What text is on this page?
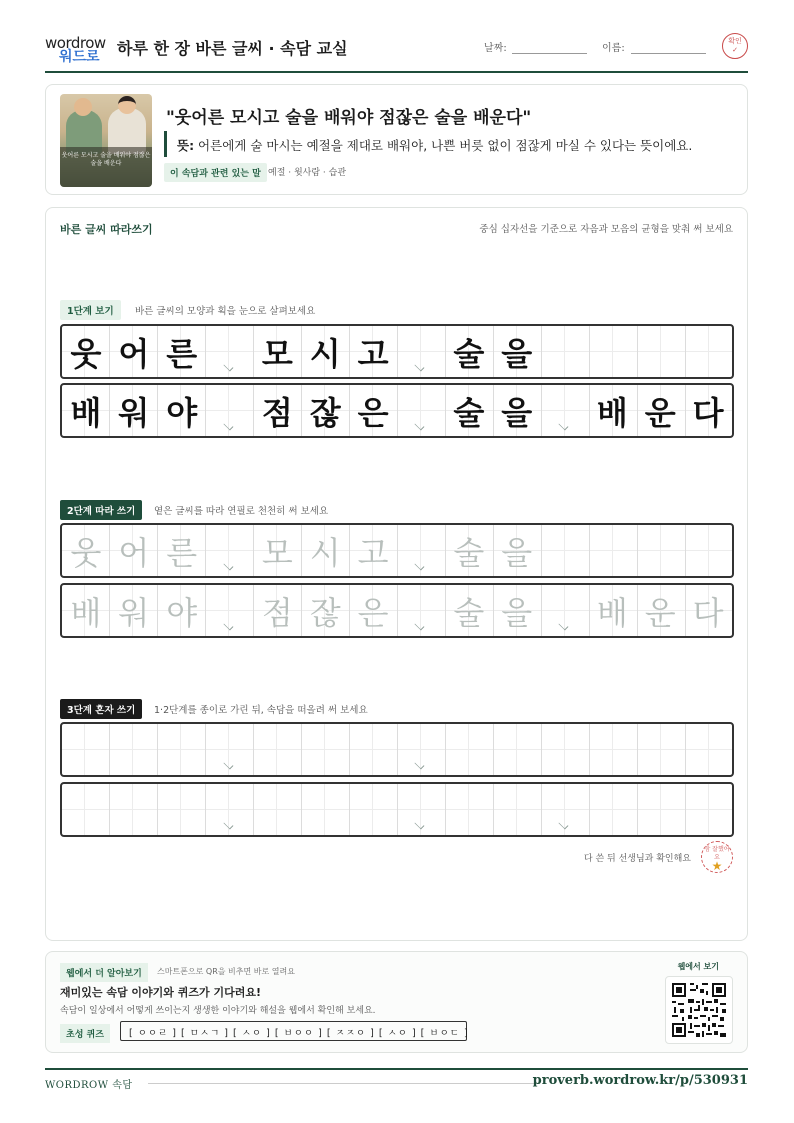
wordrow
워드로 하루 한 장 바른 글씨 · 속담 교실	날짜:	이름:
확인
✓
웃어른 모시고 술을 배워야 점잖은 술을 배운다
"웃어른 모시고 술을 배워야 점잖은 술을 배운다"
뜻: 어른에게 술 마시는 예절을 제대로 배워야, 나쁜 버릇 없이 점잖게 마실 수 있다는 뜻이에요.
이 속담과 관련 있는 말 예절 · 윗사람 · 습관
바른 글씨 따라쓰기	중심 십자선을 기준으로 자음과 모음의 균형을 맞춰 써 보세요
1단계 보기	바른 글씨의 모양과 획을 눈으로 살펴보세요
웃 어 른 모 시 고 술 을
배 워 야 점 잖 은 술 을 배 운 다
2단계 따라 쓰기	옅은 글씨를 따라 연필로 천천히 써 보세요
웃 어 른 모 시 고 술 을
배 워 야 점 잖 은 술 을 배 운 다
3단계 혼자 쓰기	1·2단계를 종이로 가린 뒤, 속담을 떠올려 써 보세요
다 쓴 뒤 선생님과 확인해요
참 잘했어요
★
웹에서 더 알아보기	스마트폰으로 QR을 비추면 바로 열려요
재미있는 속담 이야기와 퀴즈가 기다려요!
속담이 일상에서 어떻게 쓰이는지 생생한 이야기와 해설을 웹에서 확인해 보세요.
초성 퀴즈	[ ㅇㅇㄹ ] [ ㅁㅅㄱ ] [ ㅅㅇ ] [ ㅂㅇㅇ ] [ ㅈㅈㅇ ] [ ㅅㅇ ] [ ㅂㅇㄷ ]
웹에서 보기
WORDROW 속담	proverb.wordrow.kr/p/530931
